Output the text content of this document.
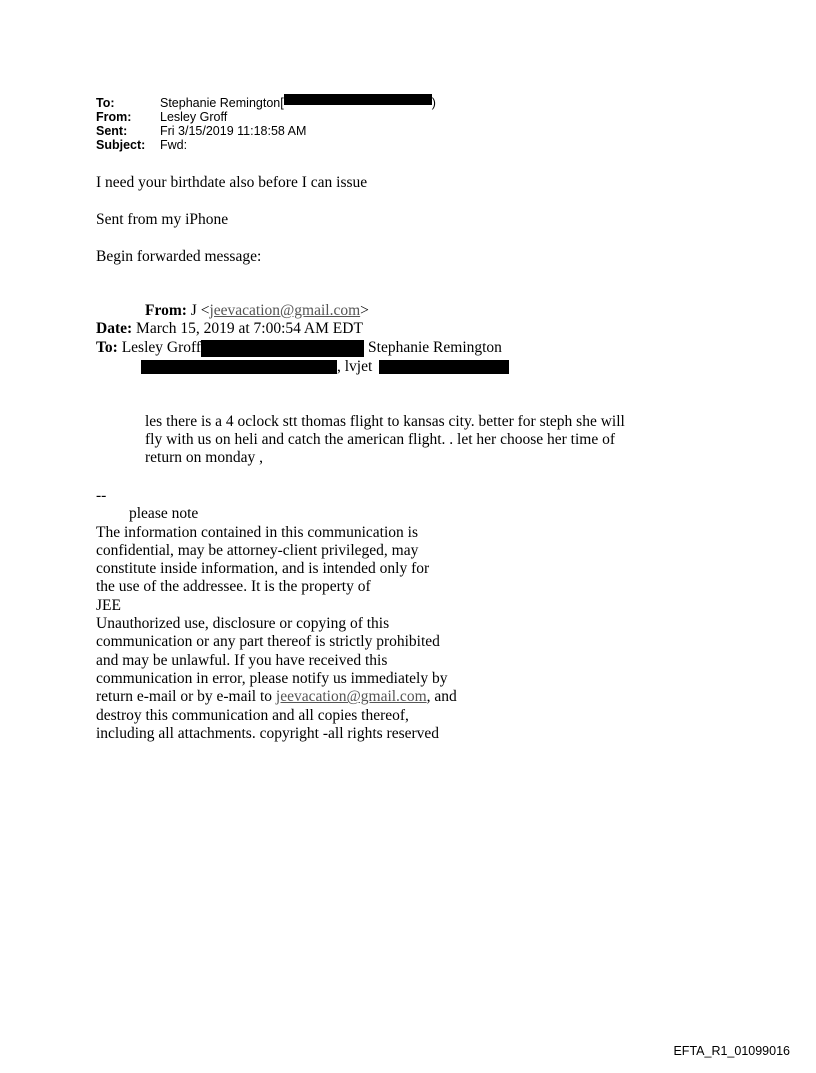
To:	Stephanie Remington[	)
From:	Lesley Groff
Sent:	Fri 3/15/2019 11:18:58 AM
Subject:	Fwd:

I need your birthdate also before I can issue

Sent from my iPhone

Begin forwarded message:

From: J <jeevacation@gmail.com>
Date: March 15, 2019 at 7:00:54 AM EDT
To: Lesley Groff	Stephanie Remington
, lvjet
les there is a 4 oclock stt thomas flight to kansas city. better for steph she will
fly with us on heli and catch the american flight. . let her choose her time of
return on monday ,
--
please note
The information contained in this communication is
confidential, may be attorney-client privileged, may
constitute inside information, and is intended only for
the use of the addressee. It is the property of
JEE
Unauthorized use, disclosure or copying of this
communication or any part thereof is strictly prohibited
and may be unlawful. If you have received this
communication in error, please notify us immediately by
return e-mail or by e-mail to jeevacation@gmail.com, and
destroy this communication and all copies thereof,
including all attachments. copyright -all rights reserved
EFTA_R1_01099016
